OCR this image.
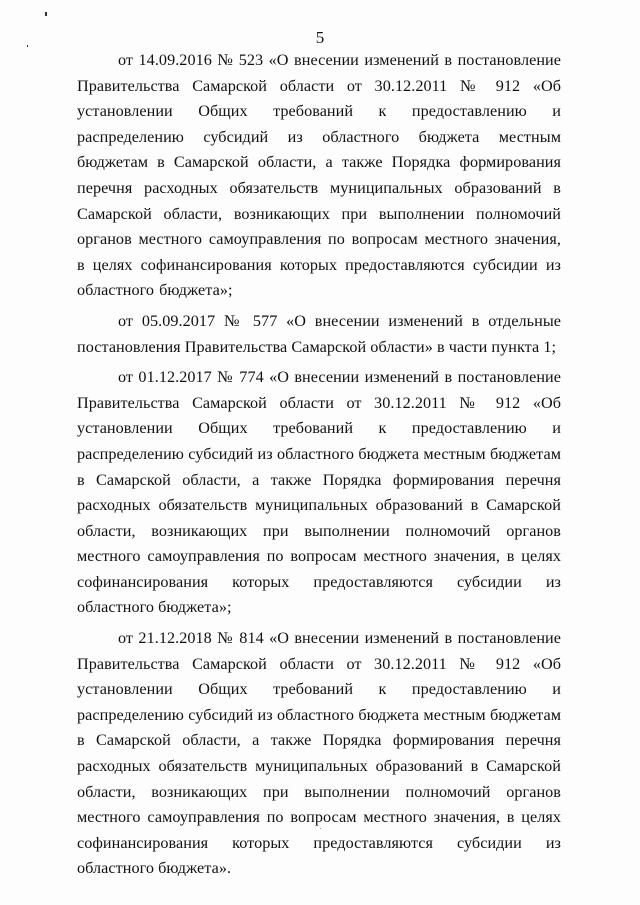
5

от 14.09.2016 № 523 «О внесении изменений в постановление Правительства Самарской области от 30.12.2011 № 912 «Об установлении Общих требований к предоставлению и распределению субсидий из областного бюджета местным бюджетам в Самарской области, а также Порядка формирования перечня расходных обязательств муниципальных образований в Самарской области, возникающих при выполнении полномочий органов местного самоуправления по вопросам местного значения, в целях софинансирования которых предоставляются субсидии из областного бюджета»;

от 05.09.2017 № 577 «О внесении изменений в отдельные постановления Правительства Самарской области» в части пункта 1;

от 01.12.2017 № 774 «О внесении изменений в постановление Правительства Самарской области от 30.12.2011 № 912 «Об установлении Общих требований к предоставлению и распределению субсидий из областного бюджета местным бюджетам в Самарской области, а также Порядка формирования перечня расходных обязательств муниципальных образований в Самарской области, возникающих при выполнении полномочий органов местного самоуправления по вопросам местного значения, в целях софинансирования которых предоставляются субсидии из областного бюджета»;

от 21.12.2018 № 814 «О внесении изменений в постановление Правительства Самарской области от 30.12.2011 № 912 «Об установлении Общих требований к предоставлению и распределению субсидий из областного бюджета местным бюджетам в Самарской области, а также Порядка формирования перечня расходных обязательств муниципальных образований в Самарской области, возникающих при выполнении полномочий органов местного самоуправления по вопросам местного значения, в целях софинансирования которых предоставляются субсидии из областного бюджета».
